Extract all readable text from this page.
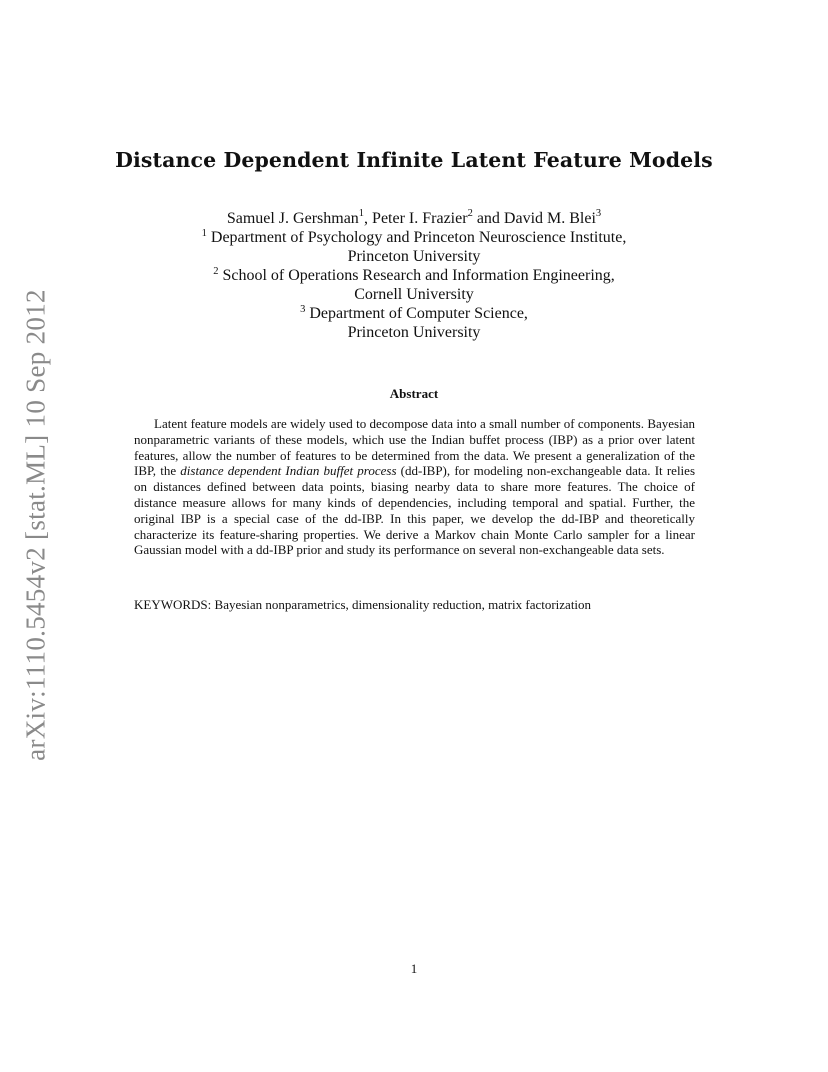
arXiv:1110.5454v2 [stat.ML] 10 Sep 2012
Distance Dependent Infinite Latent Feature Models
Samuel J. Gershman$^1$, Peter I. Frazier$^2$ and David M. Blei$^3$
$^1$ Department of Psychology and Princeton Neuroscience Institute,
Princeton University
$^2$ School of Operations Research and Information Engineering,
Cornell University
$^3$ Department of Computer Science,
Princeton University
Abstract

Latent feature models are widely used to decompose data into a small number of components. Bayesian nonparametric variants of these models, which use the Indian buffet process (IBP) as a prior over latent features, allow the number of features to be determined from the data. We present a generalization of the IBP, the distance dependent Indian buffet process (dd-IBP), for modeling non-exchangeable data. It relies on distances defined between data points, biasing nearby data to share more features. The choice of distance measure allows for many kinds of dependencies, including temporal and spatial. Further, the original IBP is a special case of the dd-IBP. In this paper, we develop the dd-IBP and theoretically characterize its feature-sharing properties. We derive a Markov chain Monte Carlo sampler for a linear Gaussian model with a dd-IBP prior and study its performance on several non-exchangeable data sets.

KEYWORDS: Bayesian nonparametrics, dimensionality reduction, matrix factorization
1
